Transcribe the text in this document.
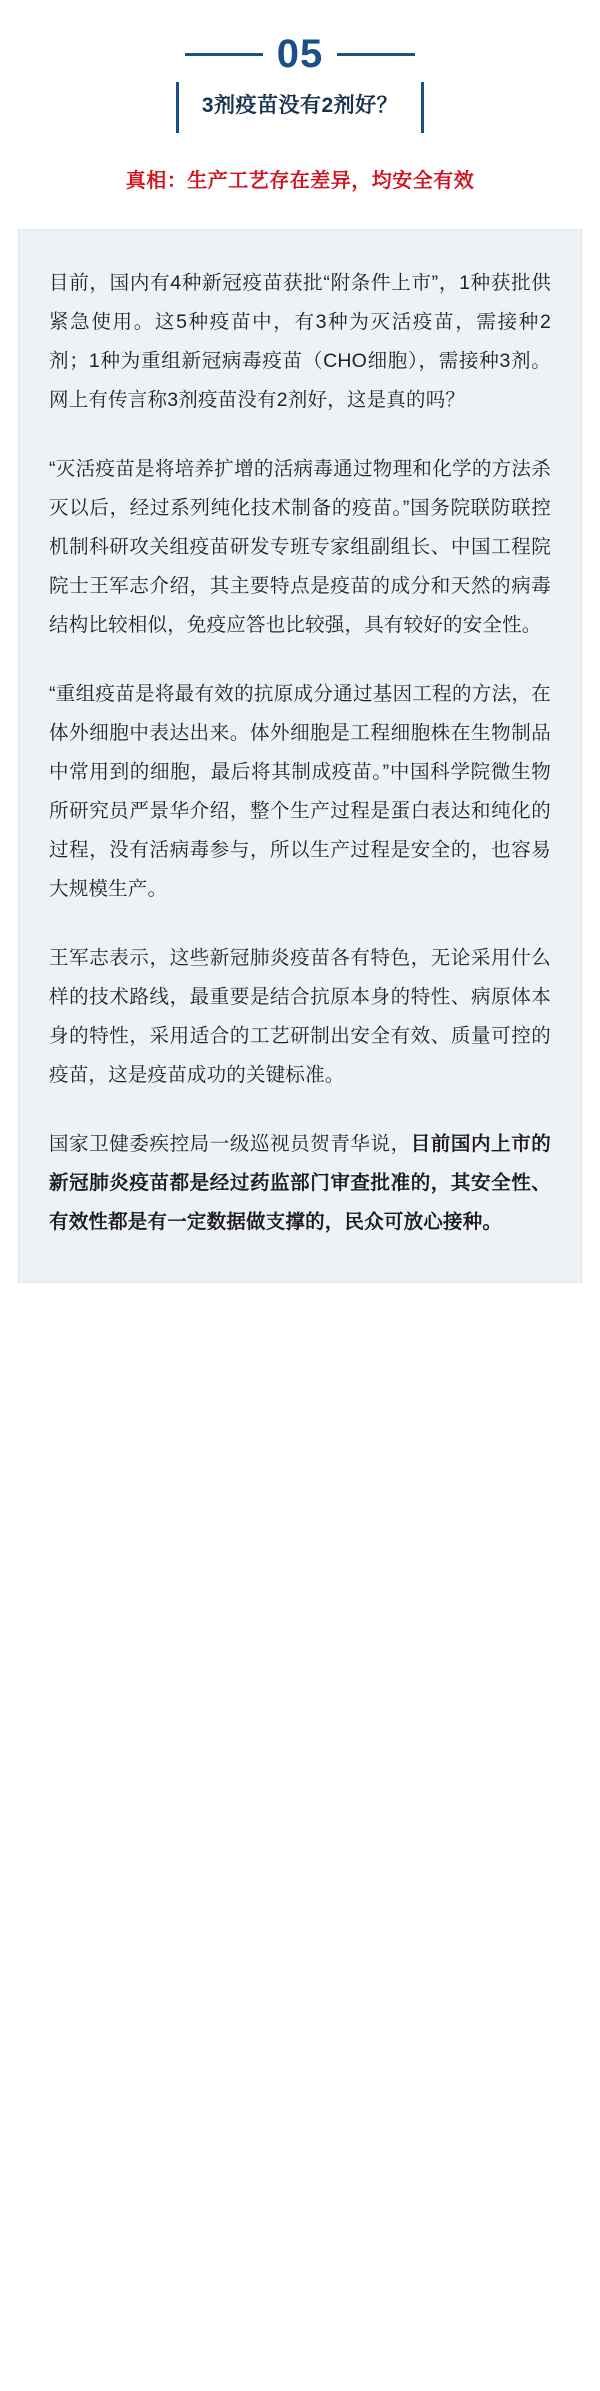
05
3剂疫苗没有2剂好？
真相：生产工艺存在差异，均安全有效

目前，国内有4种新冠疫苗获批“附条件上市”，1种获批供紧急使用。这5种疫苗中，有3种为灭活疫苗，需接种2剂；1种为重组新冠病毒疫苗（CHO细胞），需接种3剂。网上有传言称3剂疫苗没有2剂好，这是真的吗？

“灭活疫苗是将培养扩增的活病毒通过物理和化学的方法杀灭以后，经过系列纯化技术制备的疫苗。”国务院联防联控机制科研攻关组疫苗研发专班专家组副组长、中国工程院院士王军志介绍，其主要特点是疫苗的成分和天然的病毒结构比较相似，免疫应答也比较强，具有较好的安全性。

“重组疫苗是将最有效的抗原成分通过基因工程的方法，在体外细胞中表达出来。体外细胞是工程细胞株在生物制品中常用到的细胞，最后将其制成疫苗。”中国科学院微生物所研究员严景华介绍，整个生产过程是蛋白表达和纯化的过程，没有活病毒参与，所以生产过程是安全的，也容易大规模生产。

王军志表示，这些新冠肺炎疫苗各有特色，无论采用什么样的技术路线，最重要是结合抗原本身的特性、病原体本身的特性，采用适合的工艺研制出安全有效、质量可控的疫苗，这是疫苗成功的关键标准。

国家卫健委疾控局一级巡视员贺青华说，目前国内上市的新冠肺炎疫苗都是经过药监部门审查批准的，其安全性、有效性都是有一定数据做支撑的，民众可放心接种。
